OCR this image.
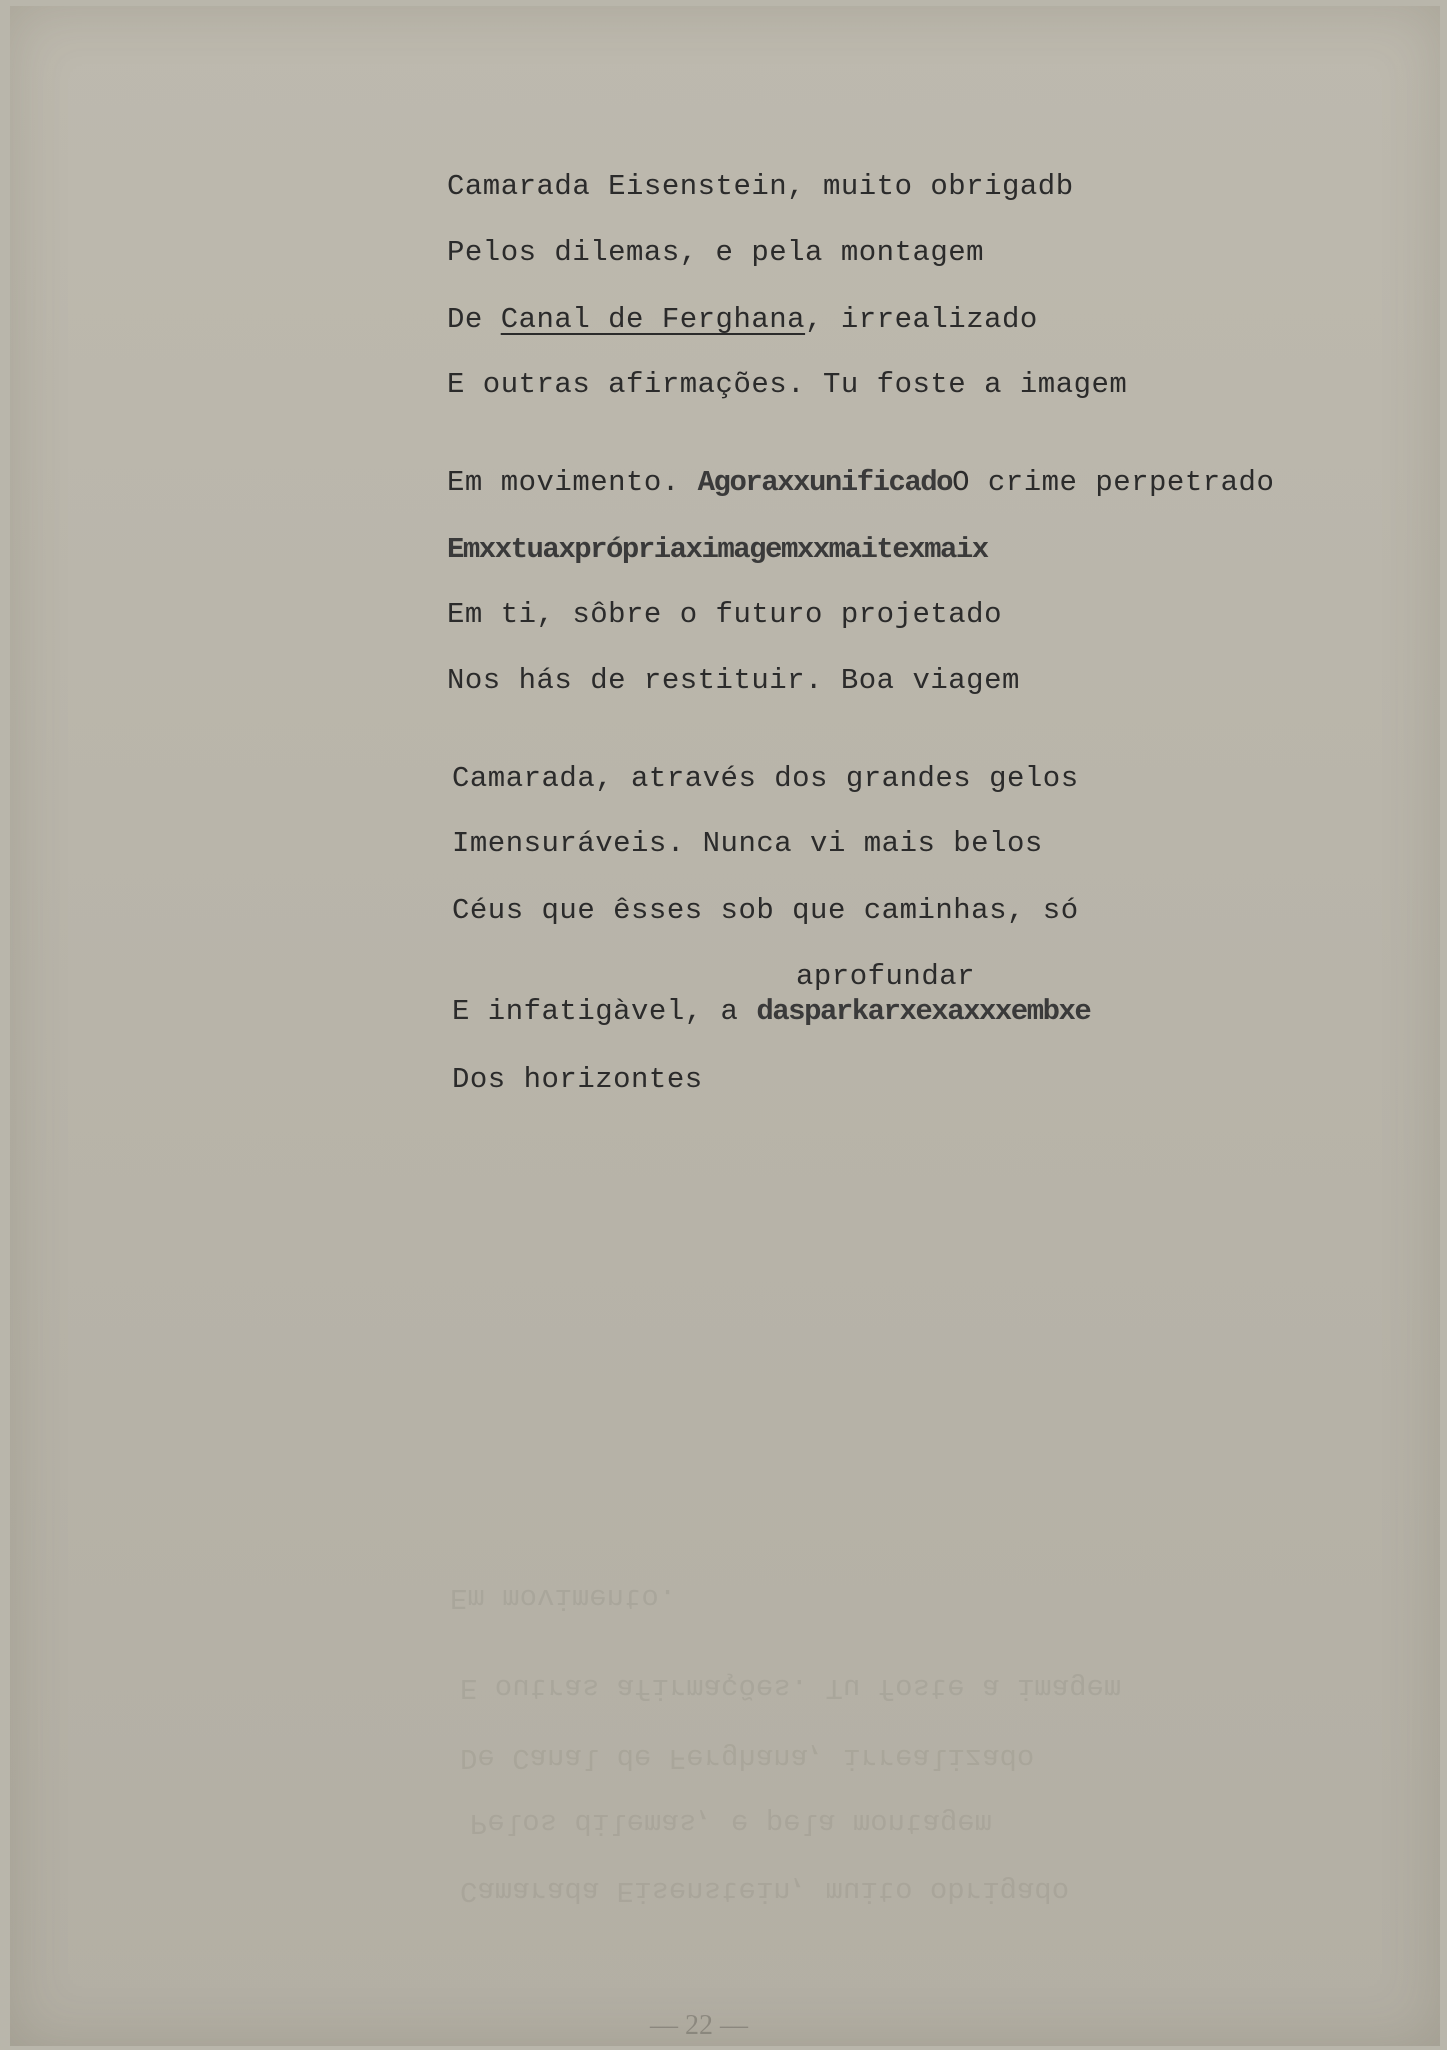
Camarada Eisenstein, muito obrigadb

Pelos dilemas, e pela montagem

De Canal de Ferghana, irrealizado

E outras afirmações. Tu foste a imagem

Em movimento. AgoraxxunificadoO crime perpetrado

Emxxtuaxprópriaximagemxxmaitexmaix

Em ti, sôbre o futuro projetado

Nos hás de restituir. Boa viagem

Camarada, através dos grandes gelos

Imensuráveis. Nunca vi mais belos

Céus que êsses sob que caminhas, só

aprofundar

E infatigàvel, a dasparkarxexaxxxembxe

Dos horizontes

Em movimento.
E outras afirmações. Tu foste a imagem
De Canal de Ferghana, irrealizado
Pelos dilemas, e pela montagem
Camarada Eisenstein, muito obrigado
— 22 —
